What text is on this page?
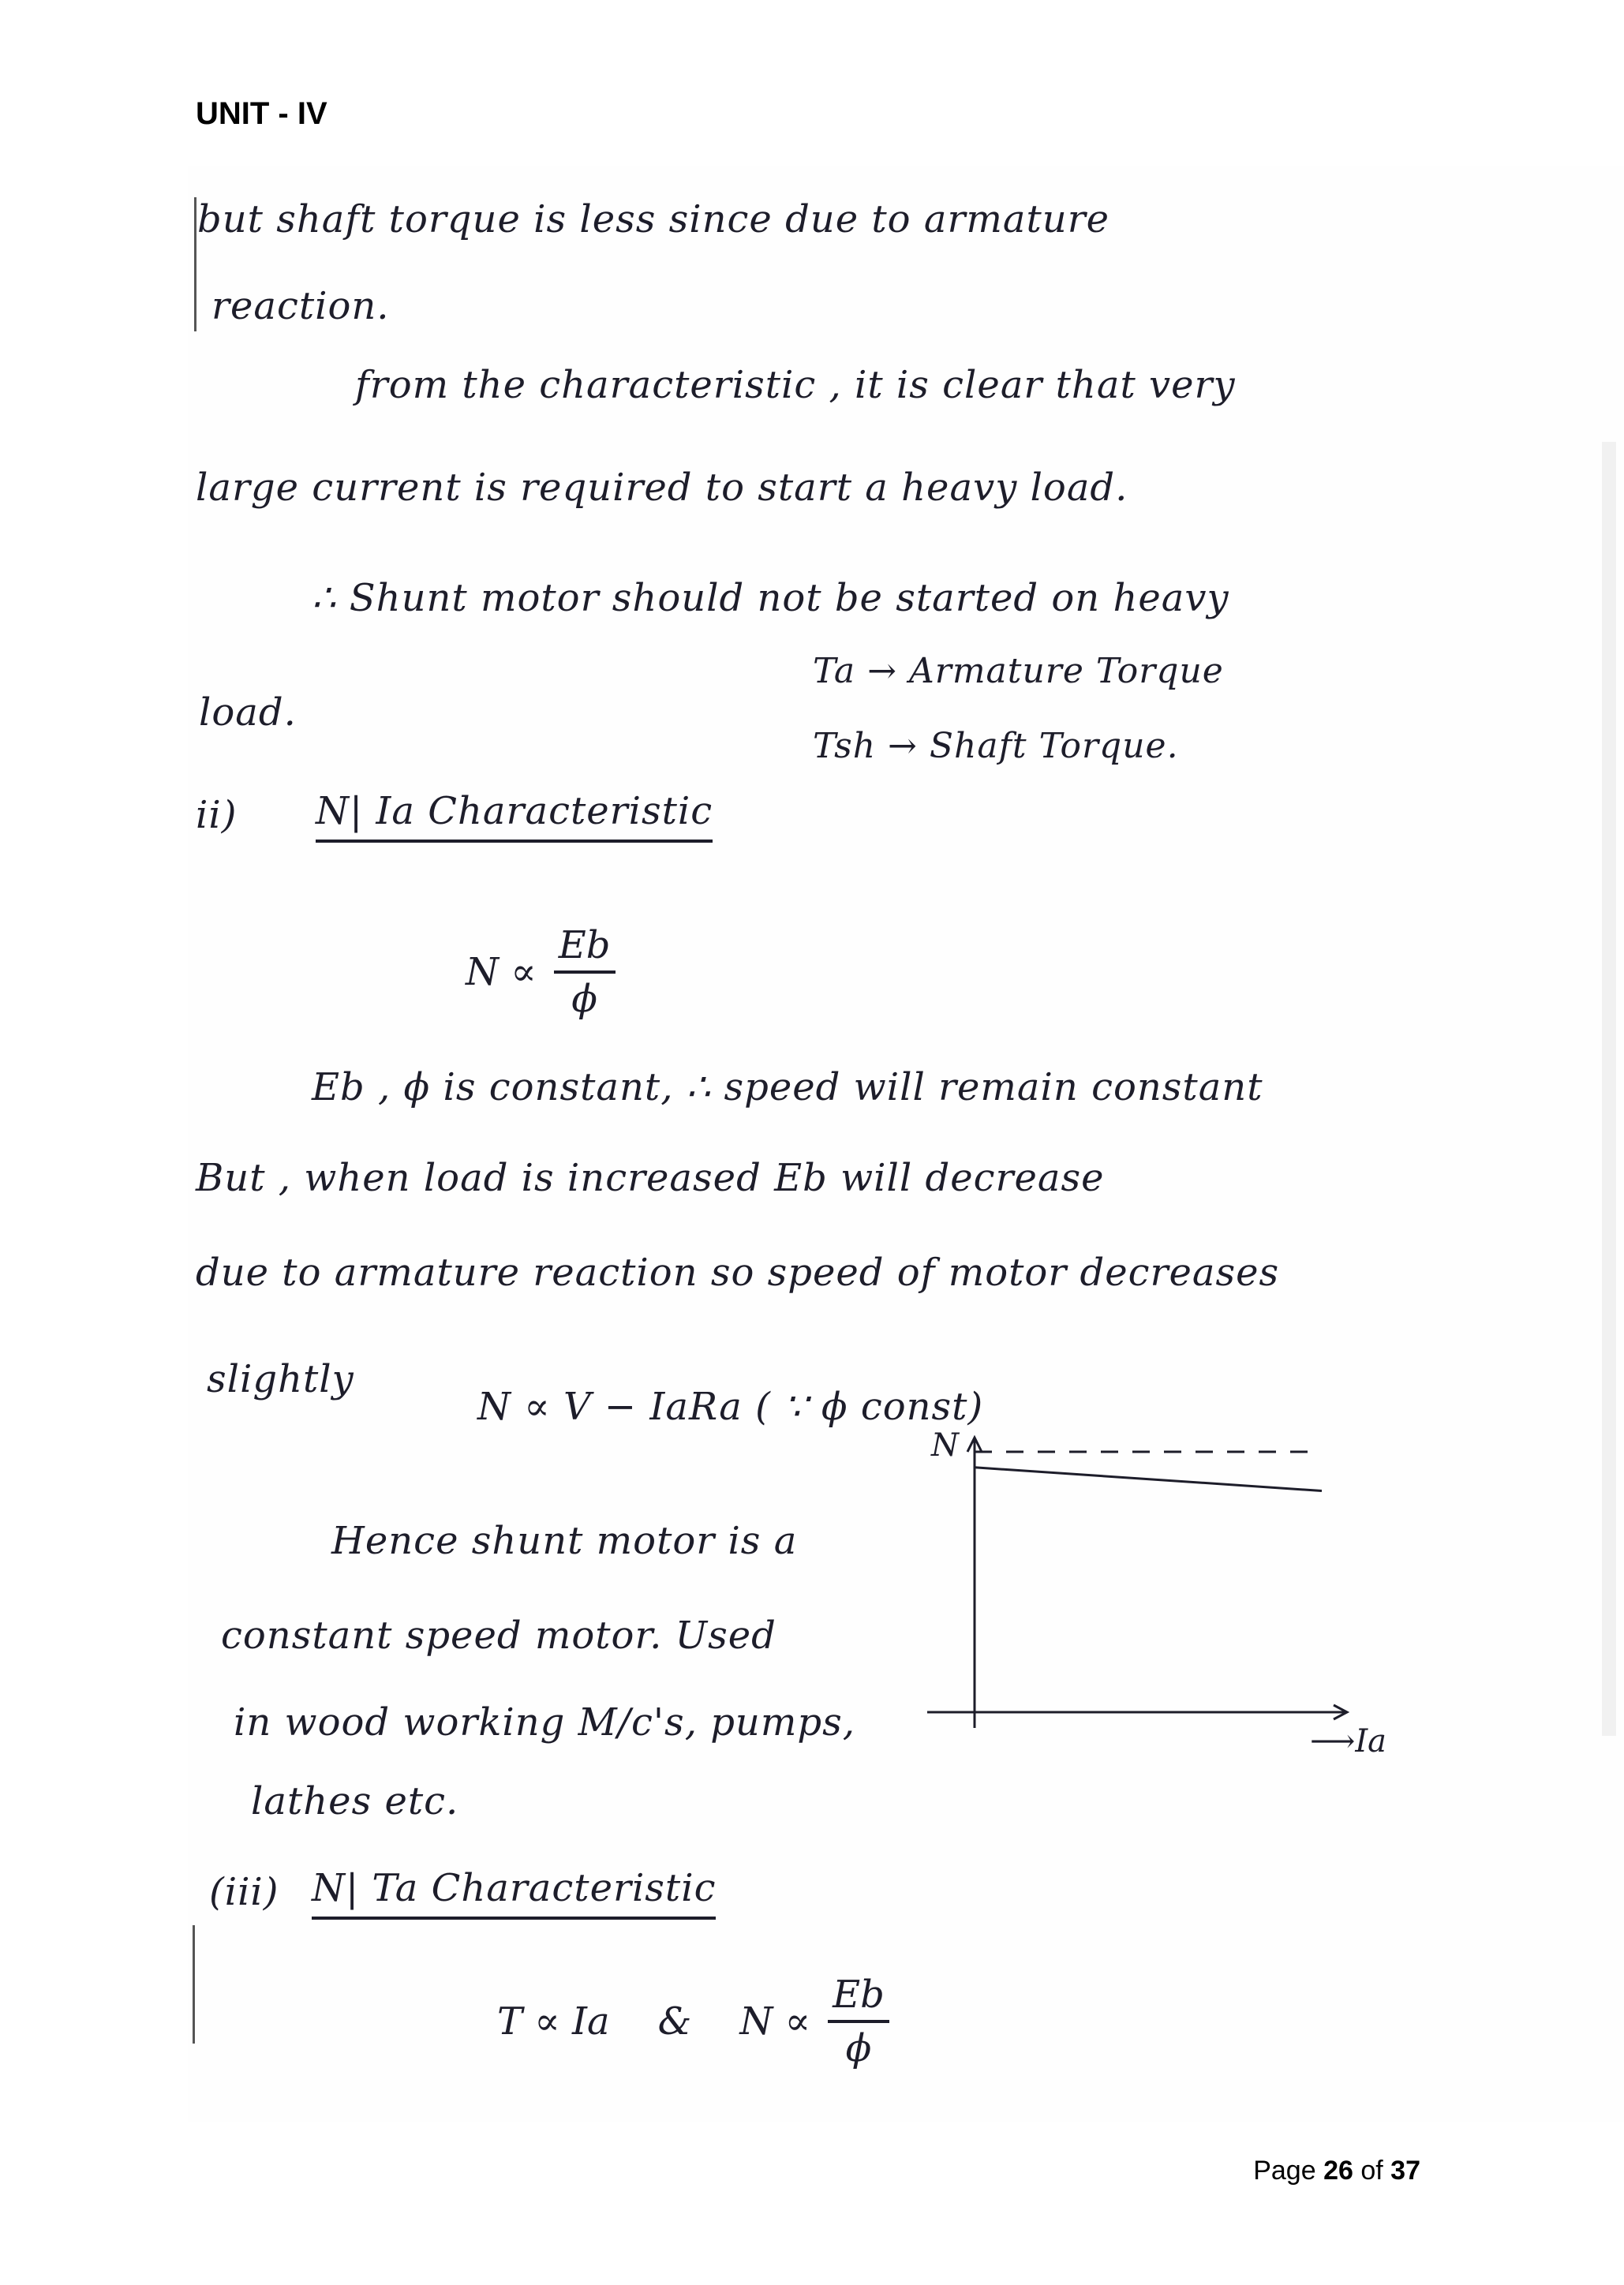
UNIT - IV
but shaft torque is less since due to armature
reaction.
from the characteristic , it is clear that very
large current is required to start a heavy load.
∴ Shunt motor should not be started on heavy
Ta → Armature Torque
load.
Tsh → Shaft Torque.
ii) N| Ia Characteristic
$N \propto \frac{Eb}{\phi}$
Eb , ϕ is constant, ∴ speed will remain constant
But , when load is increased Eb will decrease
due to armature reaction so speed of motor decreases
slightly
N ∝ V − IaRa ( ∵ ϕ const)
Hence shunt motor is a
constant speed motor. Used
in wood working M/c's, pumps,
lathes etc.
N
⟶Ia
(iii) N| Ta Characteristic
T ∝ Ia    &    $N \propto \frac{Eb}{\phi}$
Page 26 of 37
